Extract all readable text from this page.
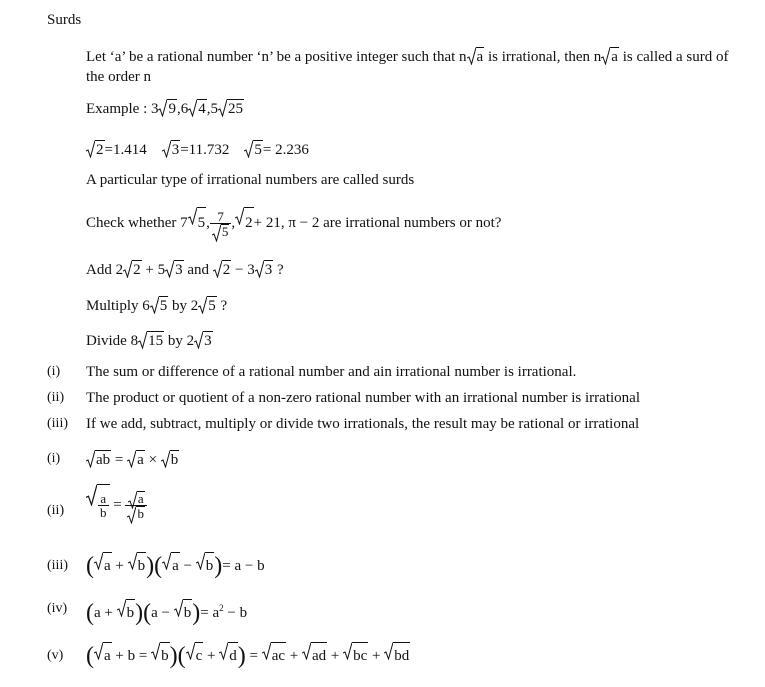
Surds
Let ‘a’ be a rational number ‘n’ be a positive integer such that n a is irrational, then n a is called a surd of
the order n
Example : 3 9,6 4,5 25
2=1.414 3=11.732 5= 2.236
A particular type of irrational numbers are called surds
Check whether 7 5, $\frac{7}{5}$ , 2+ 21, π − 2 are irrational numbers or not?
Add 2 2 + 5 3 and
2 − 3 3 ?
Multiply 6 5 by 2 5 ?
Divide 8 15 by 2 3
(i) The sum or difference of a rational number and ain irrational number is irrational.
(ii) The product or quotient of a non-zero rational number with an irrational number is irrational
(iii) If we add, subtract, multiply or divide two irrationals, the result may be rational or irrational
(i)	ab =
a ×
b
(ii)	$\frac{a}{b} = \frac{a}{b}$
(iii) ( a +
b)( a −
b)= a − b
(iv) (a +
b)(a −
$b)= a^2 - b$
(v) ( a + b =
b)( c +
d) =
ac +
ad +
bc +
bd
